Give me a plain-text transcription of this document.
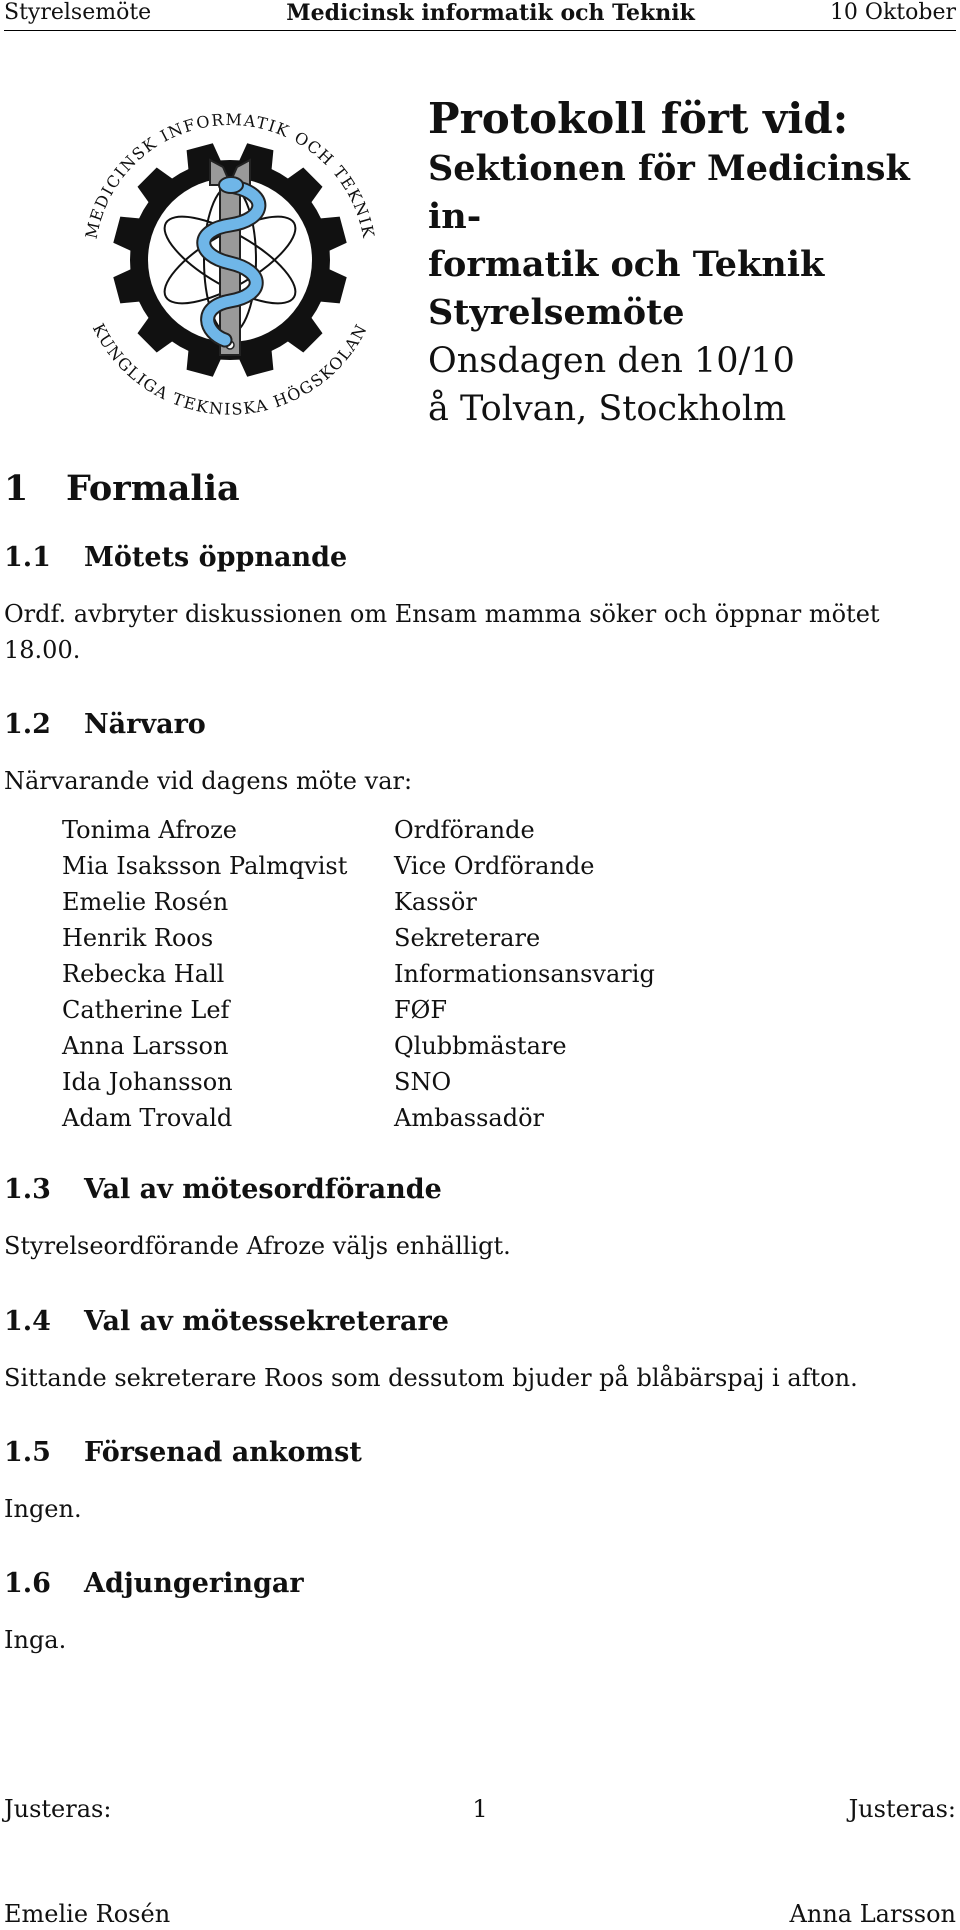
Styrelsemöte	Medicinsk informatik och Teknik	10 Oktober
MEDICINSK INFORMATIK OCH TEKNIK
KUNGLIGA TEKNISKA HÖGSKOLAN
Protokoll fört vid:
Sektionen för Medicinsk in-
formatik och Teknik
Styrelsemöte
Onsdagen den 10/10
å Tolvan, Stockholm
1 Formalia
1.1 Mötets öppnande
Ordf. avbryter diskussionen om Ensam mamma söker och öppnar mötet 18.00.
1.2 Närvaro
Närvarande vid dagens möte var:
Tonima Afroze	Ordförande
Mia Isaksson Palmqvist	Vice Ordförande
Emelie Rosén	Kassör
Henrik Roos	Sekreterare
Rebecka Hall	Informationsansvarig
Catherine Lef	FØF
Anna Larsson	Qlubbmästare
Ida Johansson	SNO
Adam Trovald	Ambassadör
1.3 Val av mötesordförande
Styrelseordförande Afroze väljs enhälligt.
1.4 Val av mötessekreterare
Sittande sekreterare Roos som dessutom bjuder på blåbärspaj i afton.
1.5 Försenad ankomst
Ingen.
1.6 Adjungeringar
Inga.
Justeras:	1	Justeras:
Emelie Rosén	Anna Larsson
